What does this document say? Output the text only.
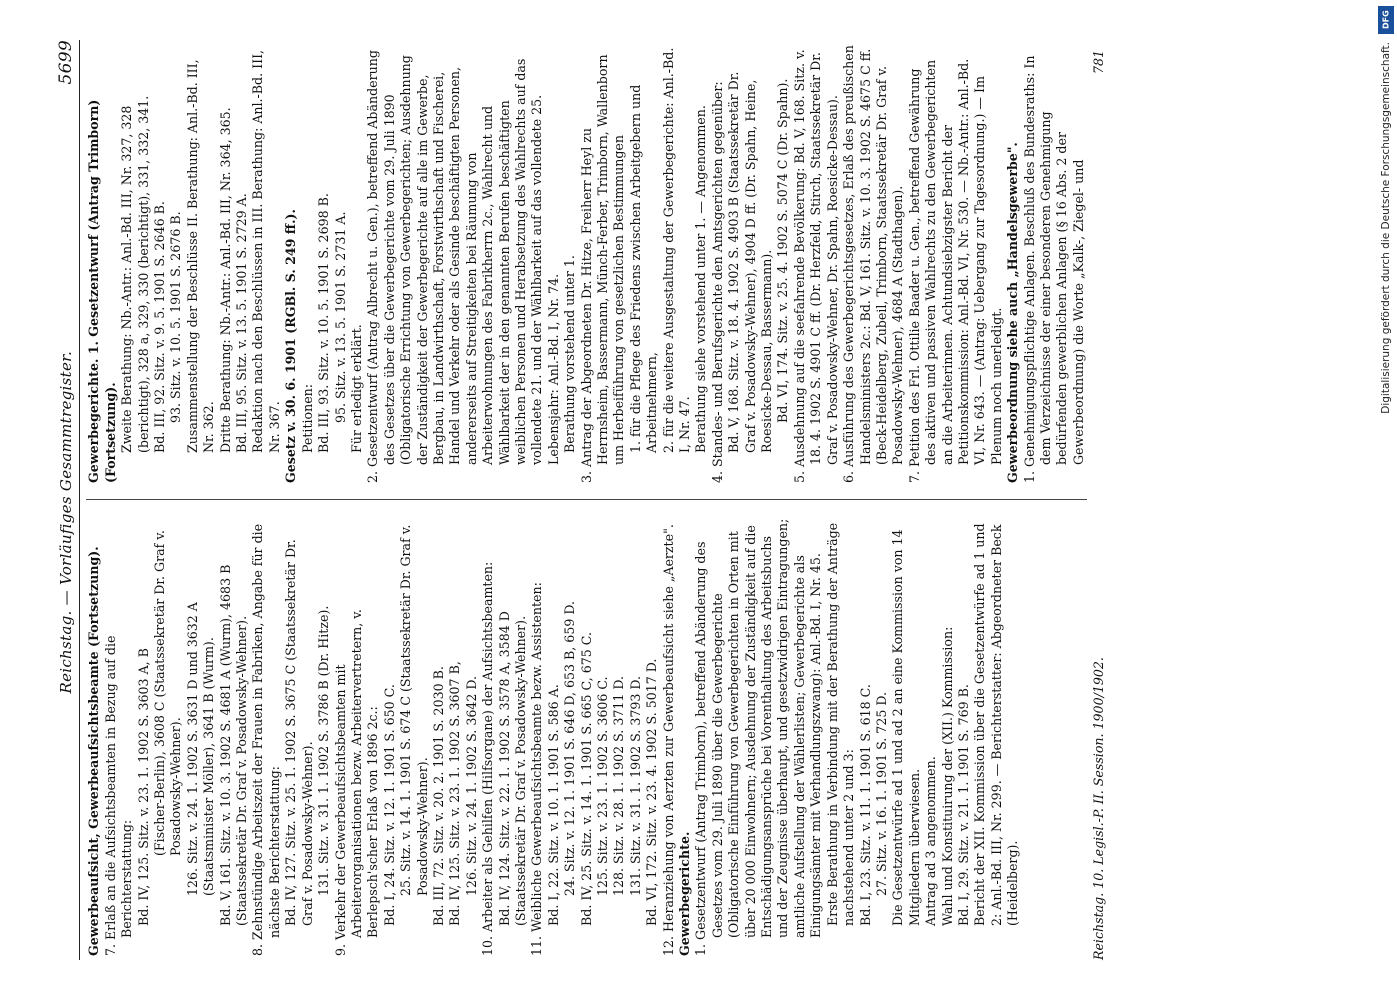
Reichstag. — Vorläufiges Gesammtregister.
5699
Gewerbeaufsicht, Gewerbeaufsichtsbeamte (Fortsetzung). 7. Erlaß an die Aufsichtsbeamten in Bezug auf die Berichterstattung: Bd. IV, 125. Sitz. v. 23. 1. 1902 S. 3603 A, B (Fischer-Berlin), 3608 C (Staatssekretär Dr. Graf v. Posadowsky-Wehner). 126. Sitz. v. 24. 1. 1902 S. 3631 D und 3632 A (Staatsminister Möller), 3641 B (Wurm). Bd. V, 161. Sitz. v. 10. 3. 1902 S. 4681 A (Wurm), 4683 B (Staatssekretär Dr. Graf v. Posadowsky-Wehner). 8. Zehnstündige Arbeitszeit der Frauen in Fabriken, Angabe für die nächste Berichterstattung: Bd. IV, 127. Sitz. v. 25. 1. 1902 S. 3675 C (Staatssekretär Dr. Graf v. Posadowsky-Wehner). 131. Sitz. v. 31. 1. 1902 S. 3786 B (Dr. Hitze). 9. Verkehr der Gewerbeaufsichtsbeamten mit Arbeiterorganisationen bezw. Arbeitervertretern, v. Berlepsch'scher Erlaß von 1896 2c.: Bd. I, 24. Sitz. v. 12. 1. 1901 S. 650 C. 25. Sitz. v. 14. 1. 1901 S. 674 C (Staatssekretär Dr. Graf v. Posadowsky-Wehner). Bd. III, 72. Sitz. v. 20. 2. 1901 S. 2030 B. Bd. IV, 125. Sitz. v. 23. 1. 1902 S. 3607 B, 126. Sitz. v. 24. 1. 1902 S. 3642 D. 10. Arbeiter als Gehilfen (Hilfsorgane) der Aufsichtsbeamten: Bd. IV, 124. Sitz. v. 22. 1. 1902 S. 3578 A, 3584 D (Staatssekretär Dr. Graf v. Posadowsky-Wehner). 11. Weibliche Gewerbeaufsichtsbeamte bezw. Assistenten: Bd. I, 22. Sitz. v. 10. 1. 1901 S. 586 A. 24. Sitz. v. 12. 1. 1901 S. 646 D, 653 B, 659 D. Bd. IV, 25. Sitz. v. 14. 1. 1901 S. 665 C, 675 C. 125. Sitz. v. 23. 1. 1902 S. 3606 C. 128. Sitz. v. 28. 1. 1902 S. 3711 D. 131. Sitz. v. 31. 1. 1902 S. 3793 D. Bd. VI, 172. Sitz. v. 23. 4. 1902 S. 5017 D. 12. Heranziehung von Aerzten zur Gewerbeaufsicht siehe „Aerzte". Gewerbegerichte. 1. Gesetzentwurf (Antrag Trimborn), betreffend Abänderung des Gesetzes vom 29. Juli 1890 über die Gewerbegerichte (Obligatorische Einführung von Gewerbegerichten in Orten mit über 20 000 Einwohnern; Ausdehnung der Zuständigkeit auf die Entschädigungsansprüche bei Vorenthaltung des Arbeitsbuchs und der Zeugnisse überhaupt, und gesetzwidrigen Eintragungen; amtliche Aufstellung der Wählerlisten; Gewerbegerichte als Einigungsämter mit Verhandlungszwang): Anl.-Bd. I, Nr. 45. Erste Berathung in Verbindung mit der Berathung der Anträge nachstehend unter 2 und 3: Bd. I, 23. Sitz. v. 11. 1. 1901 S. 618 C. 27. Sitz. v. 16. 1. 1901 S. 725 D. Die Gesetzentwürfe ad 1 und ad 2 an eine Kommission von 14 Mitgliedern überwiesen. Antrag ad 3 angenommen. Wahl und Konstituirung der (XII.) Kommission: Bd. I, 29. Sitz. v. 21. 1. 1901 S. 769 B. Bericht der XII. Kommission über die Gesetzentwürfe ad 1 und 2: Anl.-Bd. III, Nr. 299. — Berichterstatter: Abgeordneter Beck (Heidelberg).
Gewerbegerichte. 1. Gesetzentwurf (Antrag Trimborn) (Fortsetzung). Zweite Berathung: Nb.-Antr.: Anl.-Bd. III, Nr. 327, 328 (berichtigt), 328 a, 329, 330 (berichtigt), 331, 332, 341. Bd. III, 92. Sitz. v. 9. 5. 1901 S. 2646 B. 93. Sitz. v. 10. 5. 1901 S. 2676 B. Zusammenstellung der Beschlüsse II. Berathung: Anl.-Bd. III, Nr. 362. Dritte Berathung: Nb.-Antr.: Anl.-Bd. III, Nr. 364, 365. Bd. III, 95. Sitz. v. 13. 5. 1901 S. 2729 A. Redaktion nach den Beschlüssen in III. Berathung: Anl.-Bd. III, Nr. 367. Gesetz v. 30. 6. 1901 (RGBl. S. 249 ff.). Petitionen: Bd. III, 93. Sitz. v. 10. 5. 1901 S. 2698 B. 95. Sitz. v. 13. 5. 1901 S. 2731 A. Für erledigt erklärt. 2. Gesetzentwurf (Antrag Albrecht u. Gen.), betreffend Abänderung des Gesetzes über die Gewerbegerichte vom 29. Juli 1890 (Obligatorische Errichtung von Gewerbegerichten; Ausdehnung der Zuständigkeit der Gewerbegerichte auf alle im Gewerbe, Bergbau, in Landwirthschaft, Forstwirthschaft und Fischerei, Handel und Verkehr oder als Gesinde beschäftigten Personen, andererseits auf Streitigkeiten bei Räumung von Arbeiterwohnungen des Fabrikherrn 2c., Wahlrecht und Wählbarkeit der in den genannten Berufen beschäftigten weiblichen Personen und Herabsetzung des Wahlrechts auf das vollendete 21. und der Wählbarkeit auf das vollendete 25. Lebensjahr: Anl.-Bd. I, Nr. 74. Berathung vorstehend unter 1. 3. Antrag der Abgeordneten Dr. Hitze, Freiherr Heyl zu Herrnsheim, Bassermann, Münch-Ferber, Trimborn, Wallenborn um Herbeiführung von gesetzlichen Bestimmungen 1. für die Pflege des Friedens zwischen Arbeitgebern und Arbeitnehmern, 2. für die weitere Ausgestaltung der Gewerbegerichte: Anl.-Bd. I, Nr. 47. Berathung siehe vorstehend unter 1. — Angenommen. 4. Standes- und Berufsgerichte den Amtsgerichten gegenüber: Bd. V, 168. Sitz. v. 18. 4. 1902 S. 4903 B (Staatssekretär Dr. Graf v. Posadowsky-Wehner), 4904 D ff. (Dr. Spahn, Heine, Roesicke-Dessau, Bassermann). Bd. VI, 174. Sitz. v. 25. 4. 1902 S. 5074 C (Dr. Spahn). 5. Ausdehnung auf die seefahrende Bevölkerung: Bd. V, 168. Sitz. v. 18. 4. 1902 S. 4901 C ff. (Dr. Herzfeld, Stirch, Staatssekretär Dr. Graf v. Posadowsky-Wehner, Dr. Spahn, Roesicke-Dessau). 6. Ausführung des Gewerbegerichtsgesetzes, Erlaß des preußischen Handelsministers 2c.: Bd. V, 161. Sitz. v. 10. 3. 1902 S. 4675 C ff. (Beck-Heidelberg, Zubeil, Trimborn, Staatssekretär Dr. Graf v. Posadowsky-Wehner), 4684 A (Stadthagen). 7. Petition des Frl. Ottilie Baader u. Gen., betreffend Gewährung des aktiven und passiven Wahlrechts zu den Gewerbegerichten an die Arbeiterinnen. Achtundsiebzigster Bericht der Petitionskommission: Anl.-Bd. VI, Nr. 530. — Nb.-Antr.: Anl.-Bd. VI, Nr. 643. — (Antrag: Uebergang zur Tagesordnung.) — Im Plenum noch unerledigt. Gewerbeordnung siehe auch „Handelsgewerbe". 1. Genehmigungspflichtige Anlagen. Beschluß des Bundesraths: In dem Verzeichnisse der einer besonderen Genehmigung bedürfenden gewerblichen Anlagen (§ 16 Abs. 2 der Gewerbeordnung) die Worte „Kalk-, Ziegel- und
Reichstag. 10. Legisl.-P. II. Session. 1900/1902.
781
DFG
Digitalisierung gefördert durch die Deutsche Forschungsgemeinschaft.
